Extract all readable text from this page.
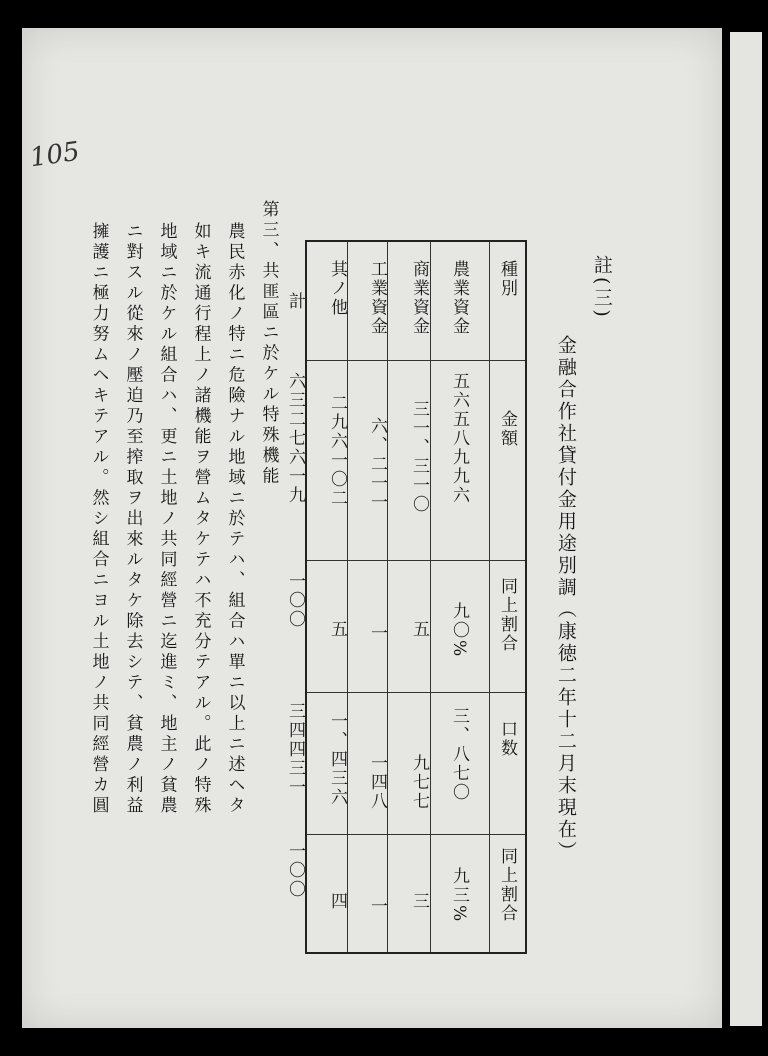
105
註(三)
金融合作社貸付金用途別調（康徳二年十二月末現在）
種別
金額
同上割合
口数
同上割合
農業資金
五六五八九九六
九〇%
三、八七〇
九三%
商業資金
三一、三一〇
五
九七七
三
工業資金
六、二一一
一
一四八
一
其ノ他
二九六一〇二
五
一、四三六
四
計
六三二七六一九
一〇〇
三四四三一
一〇〇
第三、共匪區ニ於ケル特殊機能
農民赤化ノ特ニ危險ナル地域ニ於テハ、組合ハ單ニ以上ニ述ヘタ
如キ流通行程上ノ諸機能ヲ營ムタケテハ不充分テアル。此ノ特殊
地域ニ於ケル組合ハ、更ニ土地ノ共同經營ニ迄進ミ、地主ノ貧農
ニ對スル從來ノ壓迫乃至搾取ヲ出來ルタケ除去シテ、貧農ノ利益
擁護ニ極力努ムヘキテアル。然シ組合ニヨル土地ノ共同經營カ圓
